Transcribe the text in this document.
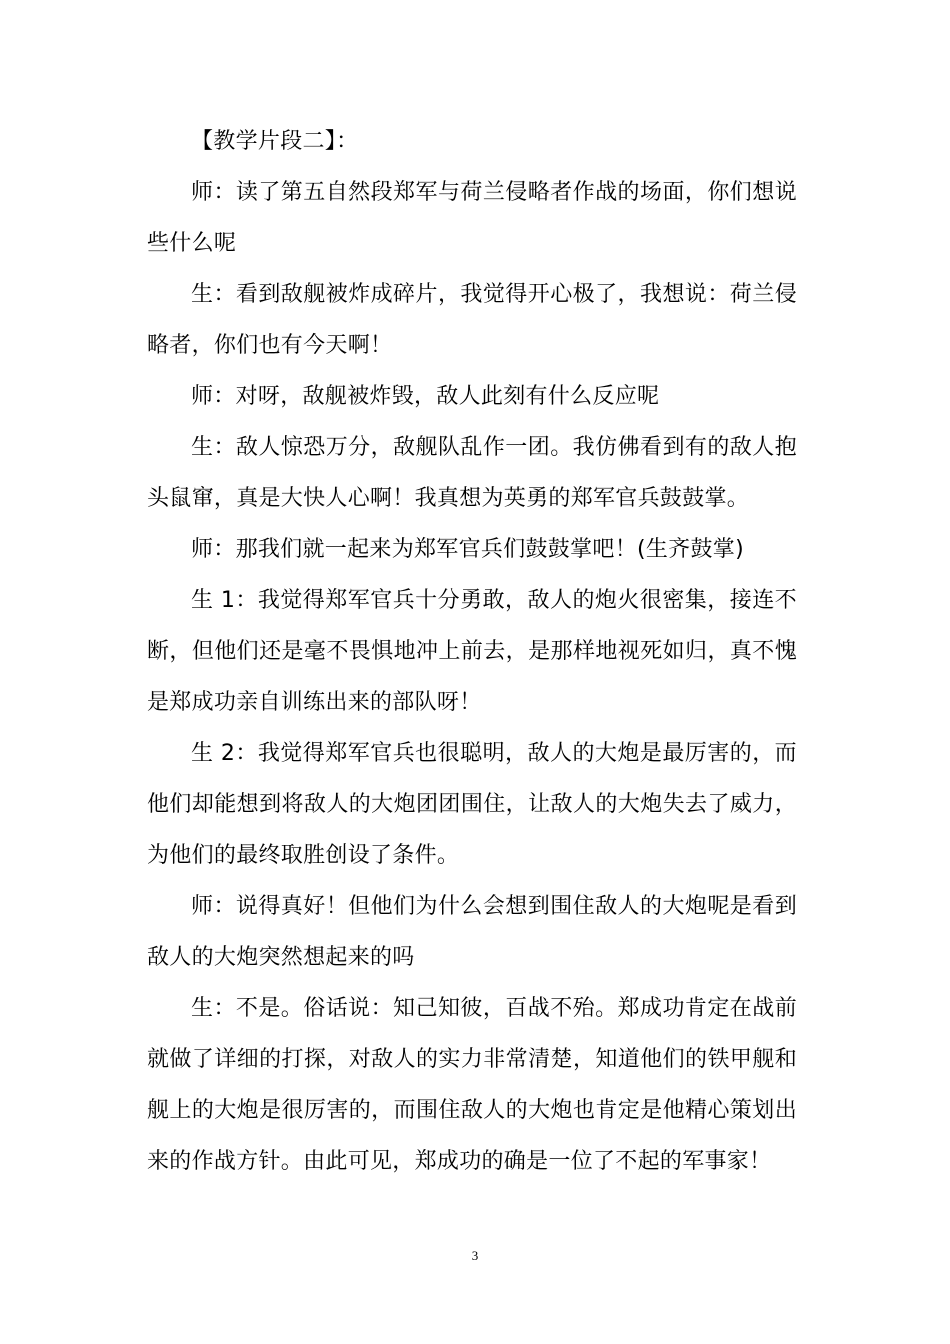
【教学片段二】：

师：读了第五自然段郑军与荷兰侵略者作战的场面，你们想说些什么呢

生：看到敌舰被炸成碎片，我觉得开心极了，我想说：荷兰侵略者，你们也有今天啊！

师：对呀，敌舰被炸毁，敌人此刻有什么反应呢

生：敌人惊恐万分，敌舰队乱作一团。我仿佛看到有的敌人抱头鼠窜，真是大快人心啊！我真想为英勇的郑军官兵鼓鼓掌。

师：那我们就一起来为郑军官兵们鼓鼓掌吧！(生齐鼓掌)

生 1：我觉得郑军官兵十分勇敢，敌人的炮火很密集，接连不断，但他们还是毫不畏惧地冲上前去，是那样地视死如归，真不愧是郑成功亲自训练出来的部队呀！

生 2：我觉得郑军官兵也很聪明，敌人的大炮是最厉害的，而他们却能想到将敌人的大炮团团围住，让敌人的大炮失去了威力，为他们的最终取胜创设了条件。

师：说得真好！但他们为什么会想到围住敌人的大炮呢是看到敌人的大炮突然想起来的吗

生：不是。俗话说：知己知彼，百战不殆。郑成功肯定在战前就做了详细的打探，对敌人的实力非常清楚，知道他们的铁甲舰和舰上的大炮是很厉害的，而围住敌人的大炮也肯定是他精心策划出来的作战方针。由此可见，郑成功的确是一位了不起的军事家！

3
